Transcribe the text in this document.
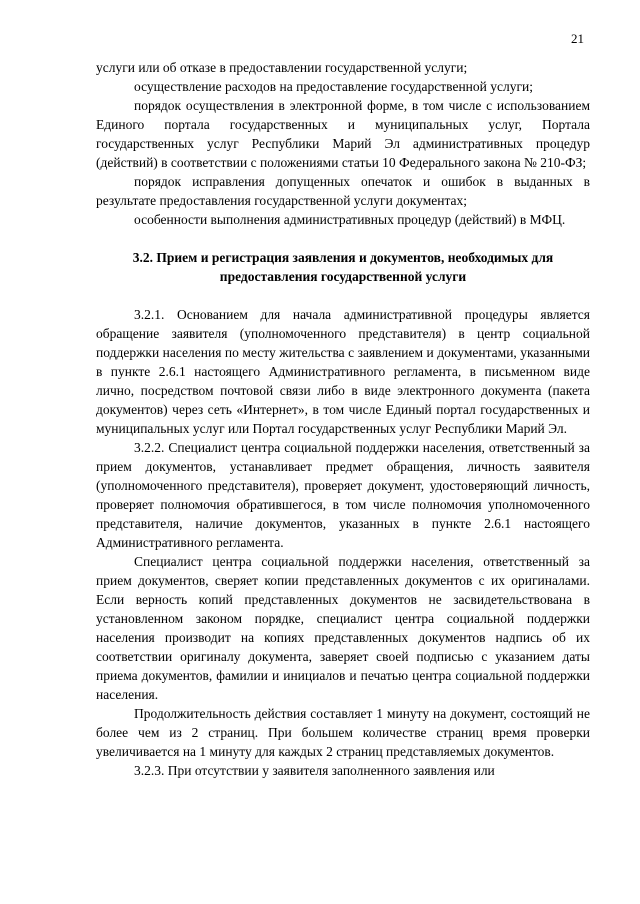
21

услуги или об отказе в предоставлении государственной услуги;

осуществление расходов на предоставление государственной услуги;

порядок осуществления в электронной форме, в том числе с использованием Единого портала государственных и муниципальных услуг, Портала государственных услуг Республики Марий Эл административных процедур (действий) в соответствии с положениями статьи 10 Федерального закона № 210-ФЗ;

порядок исправления допущенных опечаток и ошибок в выданных в результате предоставления государственной услуги документах;

особенности выполнения административных процедур (действий) в МФЦ.

3.2. Прием и регистрация заявления и документов, необходимых для предоставления государственной услуги

3.2.1. Основанием для начала административной процедуры является обращение заявителя (уполномоченного представителя) в центр социальной поддержки населения по месту жительства с заявлением и документами, указанными в пункте 2.6.1 настоящего Административного регламента, в письменном виде лично, посредством почтовой связи либо в виде электронного документа (пакета документов) через сеть «Интернет», в том числе Единый портал государственных и муниципальных услуг или Портал государственных услуг Республики Марий Эл.

3.2.2. Специалист центра социальной поддержки населения, ответственный за прием документов, устанавливает предмет обращения, личность заявителя (уполномоченного представителя), проверяет документ, удостоверяющий личность, проверяет полномочия обратившегося, в том числе полномочия уполномоченного представителя, наличие документов, указанных в пункте 2.6.1 настоящего Административного регламента.

Специалист центра социальной поддержки населения, ответственный за прием документов, сверяет копии представленных документов с их оригиналами. Если верность копий представленных документов не засвидетельствована в установленном законом порядке, специалист центра социальной поддержки населения производит на копиях представленных документов надпись об их соответствии оригиналу документа, заверяет своей подписью с указанием даты приема документов, фамилии и инициалов и печатью центра социальной поддержки населения.

Продолжительность действия составляет 1 минуту на документ, состоящий не более чем из 2 страниц. При большем количестве страниц время проверки увеличивается на 1 минуту для каждых 2 страниц представляемых документов.

3.2.3. При отсутствии у заявителя заполненного заявления или
